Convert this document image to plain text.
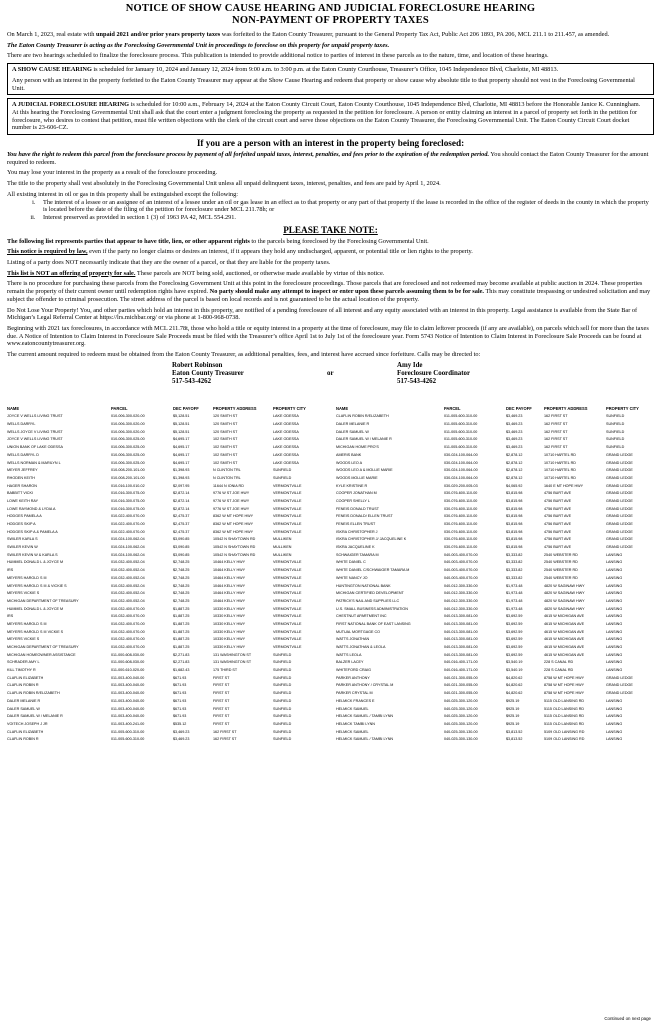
NOTICE OF SHOW CAUSE HEARING AND JUDICIAL FORECLOSURE HEARING
NON-PAYMENT OF PROPERTY TAXES

On March 1, 2023, real estate with unpaid 2021 and/or prior years property taxes was forfeited to the Eaton County Treasurer, pursuant to the General Property Tax Act, Public Act 206 1893, PA 206, MCL 211.1 to 211.457, as amended.

The Eaton County Treasurer is acting as the Foreclosing Governmental Unit in proceedings to foreclose on this property for unpaid property taxes.

There are two hearings scheduled to finalize the foreclosure process. This publication is intended to provide additional notice to parties of interest in these parcels as to the nature, time, and location of these hearings.

A SHOW CAUSE HEARING is scheduled for January 10, 2024 and January 12, 2024 from 9:00 a.m. to 3:00 p.m. at the Eaton County Courthouse, Treasurer’s Office, 1045 Independence Blvd, Charlotte, MI 48813.

Any person with an interest in the property forfeited to the Eaton County Treasurer may appear at the Show Cause Hearing and redeem that property or show cause why absolute title to that property should not vest in the Foreclosing Governmental Unit.

A JUDICIAL FORECLOSURE HEARING is scheduled for 10:00 a.m., February 14, 2024 at the Eaton County Circuit Court, Eaton County Courthouse, 1045 Independence Blvd, Charlotte, MI 48813 before the Honorable Janice K. Cunningham.

At this hearing the Foreclosing Governmental Unit shall ask that the court enter a judgment foreclosing the property as requested in the petition for foreclosure. A person or entity claiming an interest in a parcel of property set forth in the petition for foreclosure, who desires to contest that petition, must file written objections with the clerk of the circuit court and serve those objections on the Eaton County Treasurer, the Foreclosing Governmental Unit. The Eaton County Circuit Court docket number is 23-606-CZ.

If you are a person with an interest in the property being foreclosed:

You have the right to redeem this parcel from the foreclosure process by payment of all forfeited unpaid taxes, interest, penalties, and fees prior to the expiration of the redemption period. You should contact the Eaton County Treasurer for the amount required to redeem.

You may lose your interest in the property as a result of the foreclosure proceeding.

The title to the property shall vest absolutely in the Foreclosing Governmental Unit unless all unpaid delinquent taxes, interest, penalties, and fees are paid by April 1, 2024.

All existing interest in oil or gas in this property shall be extinguished except the following:

i. The interest of a lessee or an assignee of an interest of a lessee under an oil or gas lease in an effect as to that property or any part of that property if the lease is recorded in the office of the register of deeds in the county in which the property is located before the date of the filing of the petition for foreclosure under MCL 211.78h; or
ii. Interest preserved as provided in section 1 (3) of 1963 PA 42, MCL 554.291.
PLEASE TAKE NOTE:

The following list represents parties that appear to have title, lien, or other apparent rights to the parcels being foreclosed by the Foreclosing Governmental Unit.

This notice is required by law, even if the party no longer claims or desires an interest, if it appears they hold any undischarged, apparent, or potential title or lien rights to the property.

Listing of a party does NOT necessarily indicate that they are the owner of a parcel, or that they are liable for the property taxes.

This list is NOT an offering of property for sale. These parcels are NOT being sold, auctioned, or otherwise made available by virtue of this notice.

There is no procedure for purchasing these parcels from the Foreclosing Government Unit at this point in the foreclosure proceedings. Those parcels that are foreclosed and not redeemed may become available at public auction in 2024. These properties remain the property of their current owner until redemption rights have expired. No party should make any attempt to inspect or enter upon these parcels assuming them to be for sale. This may constitute trespassing or undesired solicitation and may subject the offender to criminal prosecution. The street address of the parcel is based on local records and is not guaranteed to be the actual location of the property.

Do Not Lose Your Property! You, and other parties which hold an interest in this property, are notified of a pending foreclosure of all interest and any equity associated with an interest in this property. Legal assistance is available from the State Bar of Michigan’s Legal Referral Center at https://lrs.michbar.org/ or via phone at 1-800-968-0738.

Beginning with 2021 tax foreclosures, in accordance with MCL 211.78t, those who hold a title or equity interest in a property at the time of foreclosure, may file to claim leftover proceeds (if any are available), on parcels which sell for more than the taxes due. A Notice of Intention to Claim Interest in Foreclosure Sale Proceeds must be filed with the Treasurer’s office April 1st to July 1st of the foreclosure year. Form 5743 Notice of Intention to Claim Interest in Foreclosure Sale Proceeds can be found at www.eatoncountytreasurer.org.

The current amount required to redeem must be obtained from the Eaton County Treasurer, as additional penalties, fees, and interest have accrued since forfeiture. Calls may be directed to:

Robert Robinson
Eaton County Treasurer
517-543-4262
or
Amy Ide
Foreclosure Coordinator
517-543-4262
NAME	PARCEL	DEC PAYOFF	PROPERTY ADDRESS	PROPERTY CITY
JOYCE V WELLS LIVING TRUST	010-006-300-020-00	$5,128.51	120 SMITH ST	LAKE ODESSA
WELLS DARRYL	010-006-300-020-00	$5,128.51	120 SMITH ST	LAKE ODESSA
WELLS JOYCE V LIVING TRUST	010-006-300-020-00	$5,128.51	120 SMITH ST	LAKE ODESSA
JOYCE V WELLS LIVING TRUST	010-006-300-025-00	$4,695.17	102 SMITH ST	LAKE ODESSA
UNION BANK OF LAKE ODESSA	010-006-300-025-00	$4,695.17	102 SMITH ST	LAKE ODESSA
WELLS DARRYL D	010-006-300-025-00	$4,695.17	102 SMITH ST	LAKE ODESSA
WELLS NORMAN & MARILYN L	010-006-300-025-00	$4,695.17	102 SMITH ST	LAKE ODESSA
MEYER JEFFREY	010-008-200-101-00	$1,398.93	N CLINTON TRL	SUNFIELD
RHODEN KEITH	010-008-200-101-00	$1,398.93	N CLINTON TRL	SUNFIELD
HAGER SHARON	010-016-100-010-02	$2,097.95	11644 N IONIA RD	VERMONTVILLE
BABBITT VICKI	010-016-300-075-00	$2,872.14	9776 W ST JOE HWY	VERMONTVILLE
LOWE KEITH RAY	010-016-300-075-00	$2,872.14	9776 W ST JOE HWY	VERMONTVILLE
LOWE RAYMOND & LYDIA A	010-016-300-075-00	$2,872.14	9776 W ST JOE HWY	VERMONTVILLE
HODGES PAMELA A	010-022-400-070-00	$2,475.37	8362 W MT HOPE HWY	VERMONTVILLE
HODGES SKIP A	010-022-400-070-00	$2,475.37	8362 W MT HOPE HWY	VERMONTVILLE
HODGES SKIP A & PAMELA A	010-022-400-070-00	$2,475.37	8362 W MT HOPE HWY	VERMONTVILLE
SWILER KARLA S	010-024-100-062-04	$3,090.85	10542 N SHAYTOWN RD	MULLIKEN
SWILER KEVIN W	010-024-100-062-04	$3,090.85	10542 N SHAYTOWN RD	MULLIKEN
SWILER KEVIN W & KARLA S	010-024-100-062-04	$3,090.85	10542 N SHAYTOWN RD	MULLIKEN
HUMMEL DONALD L & JOYCE M	010-032-400-052-04	$2,748.25	10464 KELLY HWY	VERMONTVILLE
IRS	010-032-400-052-04	$2,748.25	10464 KELLY HWY	VERMONTVILLE
MEYERS HAROLD S III	010-032-400-052-04	$2,748.25	10464 KELLY HWY	VERMONTVILLE
MEYERS HAROLD S III & VICKIE S	010-032-400-052-04	$2,748.25	10464 KELLY HWY	VERMONTVILLE
MEYERS VICKIE S	010-032-400-052-04	$2,748.25	10464 KELLY HWY	VERMONTVILLE
MICHIGAN DEPARTMENT OF TREASURY	010-032-400-052-04	$2,748.25	10464 KELLY HWY	VERMONTVILLE
HUMMEL DONALD L & JOYCE M	010-032-400-070-00	$1,887.25	10330 KELLY HWY	VERMONTVILLE
IRS	010-032-400-070-00	$1,887.25	10330 KELLY HWY	VERMONTVILLE
MEYERS HAROLD S III	010-032-400-070-00	$1,887.25	10330 KELLY HWY	VERMONTVILLE
MEYERS HAROLD S III VICKIE S	010-032-400-070-00	$1,887.25	10330 KELLY HWY	VERMONTVILLE
MEYERS VICKIE S	010-032-400-070-00	$1,887.25	10330 KELLY HWY	VERMONTVILLE
MICHIGAN DEPARTMENT OF TREASURY	010-032-400-070-00	$1,887.25	10330 KELLY HWY	VERMONTVILLE
MICHIGAN HOMEOWNER ASSISTANCE	011-000-608-030-00	$2,271.83	131 WASHINGTON ST	SUNFIELD
SCHRADER AMY L	011-000-608-030-00	$2,271.83	131 WASHINGTON ST	SUNFIELD
KILL TIMOTHY R	011-000-610-020-00	$1,682.43	175 THIRD ST	SUNFIELD
CLAFLIN ELIZABETH	011-003-400-040-00	$671.93	FIRST ST	SUNFIELD
CLAFLIN ROBIN R	011-003-400-040-00	$671.93	FIRST ST	SUNFIELD
CLAFLIN ROBIN R/ELIZABETH	011-003-400-040-00	$671.93	FIRST ST	SUNFIELD
DALER MELANIE R	011-003-400-040-00	$671.93	FIRST ST	SUNFIELD
DALER SAMUEL W	011-003-400-040-00	$671.93	FIRST ST	SUNFIELD
DALER SAMUEL W / MELANIE R	011-003-400-040-00	$671.93	FIRST ST	SUNFIELD
VOITECH JOSEPH J JR	011-003-400-241-00	$535.12	FIRST ST	SUNFIELD
CLAFLIN ELIZABETH	011-005-600-310-00	$3,469.23	162 FIRST ST	SUNFIELD
CLAFLIN ROBIN R	011-005-600-310-00	$3,469.23	162 FIRST ST	SUNFIELD
NAME	PARCEL	DEC PAYOFF	PROPERTY ADDRESS	PROPERTY CITY
CLAFLIN ROBIN R/ELIZABETH	011-005-600-310-00	$3,469.23	162 FIRST ST	SUNFIELD
DALER MELANIE R	011-005-600-310-00	$3,469.23	162 FIRST ST	SUNFIELD
DALER SAMUEL W	011-005-600-310-00	$3,469.23	162 FIRST ST	SUNFIELD
DALER SAMUEL W / MELANIE R	011-005-600-310-00	$3,469.23	162 FIRST ST	SUNFIELD
MICHIGAN HOME PRO’S	011-005-600-310-00	$3,469.23	162 FIRST ST	SUNFIELD
AMERIS BANK	030-024-100-064-00	$2,878.12	10710 HARTEL RD	GRAND LEDGE
WOODS LEO A	030-024-100-064-00	$2,878.12	10710 HARTEL RD	GRAND LEDGE
WOODS LEO A & MOLLIE MARIE	030-024-100-064-00	$2,878.12	10710 HARTEL RD	GRAND LEDGE
WOODS MOLLIE MARIE	030-024-100-064-00	$2,878.12	10710 HARTEL RD	GRAND LEDGE
KYLE KRISTINE R	030-029-200-005-03	$4,065.92	1640 E MT HOPE HWY	GRAND LEDGE
COOPER JONATHAN M	030-076-600-110-00	$3,815.98	4756 BURT AVE	GRAND LEDGE
COOPER SHELLY L	030-076-600-110-00	$3,815.98	4756 BURT AVE	GRAND LEDGE
FENEIS DONALD TRUST	030-076-600-110-00	$3,815.98	4756 BURT AVE	GRAND LEDGE
FENEIS DONALD/ ELLEN TRUST	030-076-600-110-00	$3,815.98	4756 BURT AVE	GRAND LEDGE
FENEIS ELLEN TRUST	030-076-600-110-00	$3,815.98	4756 BURT AVE	GRAND LEDGE
ISKRA CHRISTOPHER J	030-076-600-110-00	$3,815.98	4756 BURT AVE	GRAND LEDGE
ISKRA CHRISTOPHER J/ JACQUELINE K	030-076-600-110-00	$3,815.98	4756 BURT AVE	GRAND LEDGE
ISKRA JACQUELINE K	030-076-600-110-00	$3,815.98	4756 BURT AVE	GRAND LEDGE
SCHWAIGER TAMARA M	040-003-400-070-00	$3,333.82	2540 WEBSTER RD	LANSING
WHITE DANIEL C	040-003-400-070-00	$3,333.82	2540 WEBSTER RD	LANSING
WHITE DANIEL C/SCHWAIGER TAMARA M	040-003-400-070-00	$3,333.82	2540 WEBSTER RD	LANSING
WHITE NANCY JO	040-003-400-070-00	$3,333.82	2540 WEBSTER RD	LANSING
HUNTINGTON NATIONAL BANK	040-012-300-330-00	$1,973.48	4820 W SAGINAW HWY	LANSING
MICHIGAN CERTIFIED DEVELOPMENT	040-012-300-330-00	$1,973.48	4820 W SAGINAW HWY	LANSING
PATRICK'S NAIL AND SUPPLIES LLC	040-012-300-330-00	$1,973.48	4820 W SAGINAW HWY	LANSING
U.S. SMALL BUSINESS ADMINISTRATION	040-012-300-330-00	$1,973.48	4820 W SAGINAW HWY	LANSING
CHESTNUT APARTMENT INC	040-013-300-081-00	$3,692.59	4615 W MICHIGAN AVE	LANSING
FIRST NATIONAL BANK OF EAST LANSING	040-013-300-081-00	$3,692.59	4615 W MICHIGAN AVE	LANSING
MUTUAL MORTGAGE CO	040-013-300-081-00	$3,692.59	4615 W MICHIGAN AVE	LANSING
WATTS JONATHAN	040-013-300-081-00	$3,692.59	4615 W MICHIGAN AVE	LANSING
WATTS JONATHAN & LEOLA	040-013-300-081-00	$3,692.59	4615 W MICHIGAN AVE	LANSING
WATTS LEOLA	040-013-300-081-00	$3,692.59	4615 W MICHIGAN AVE	LANSING
BALZER LACEY	040-016-400-171-00	$3,540.19	228 S CANAL RD	LANSING
WHITEFORD CRAIG	040-016-400-171-00	$3,540.19	228 S CANAL RD	LANSING
PARKER ANTHONY	040-021-300-055-00	$4,820.62	8758 W MT HOPE HWY	GRAND LEDGE
PARKER ANTHONY / CRYSTAL M	040-021-300-055-00	$4,820.62	8758 W MT HOPE HWY	GRAND LEDGE
PARKER CRYSTAL M	040-021-300-055-00	$4,820.62	8758 W MT HOPE HWY	GRAND LEDGE
HELMICK FRANCES E	040-025-300-120-00	$925.19	5115 OLD LANSING RD	LANSING
HELMICK SAMUEL	040-025-300-120-00	$925.19	5115 OLD LANSING RD	LANSING
HELMICK SAMUEL / TAMBI LYNN	040-025-300-120-00	$925.19	5115 OLD LANSING RD	LANSING
HELMICK TAMBI LYNN	040-025-300-120-00	$925.19	5115 OLD LANSING RD	LANSING
HELMICK SAMUEL	040-025-300-130-00	$3,813.52	5109 OLD LANSING RD	LANSING
HELMICK SAMUEL / TAMBI LYNN	040-025-300-130-00	$3,813.52	5109 OLD LANSING RD	LANSING
Continued on next page
